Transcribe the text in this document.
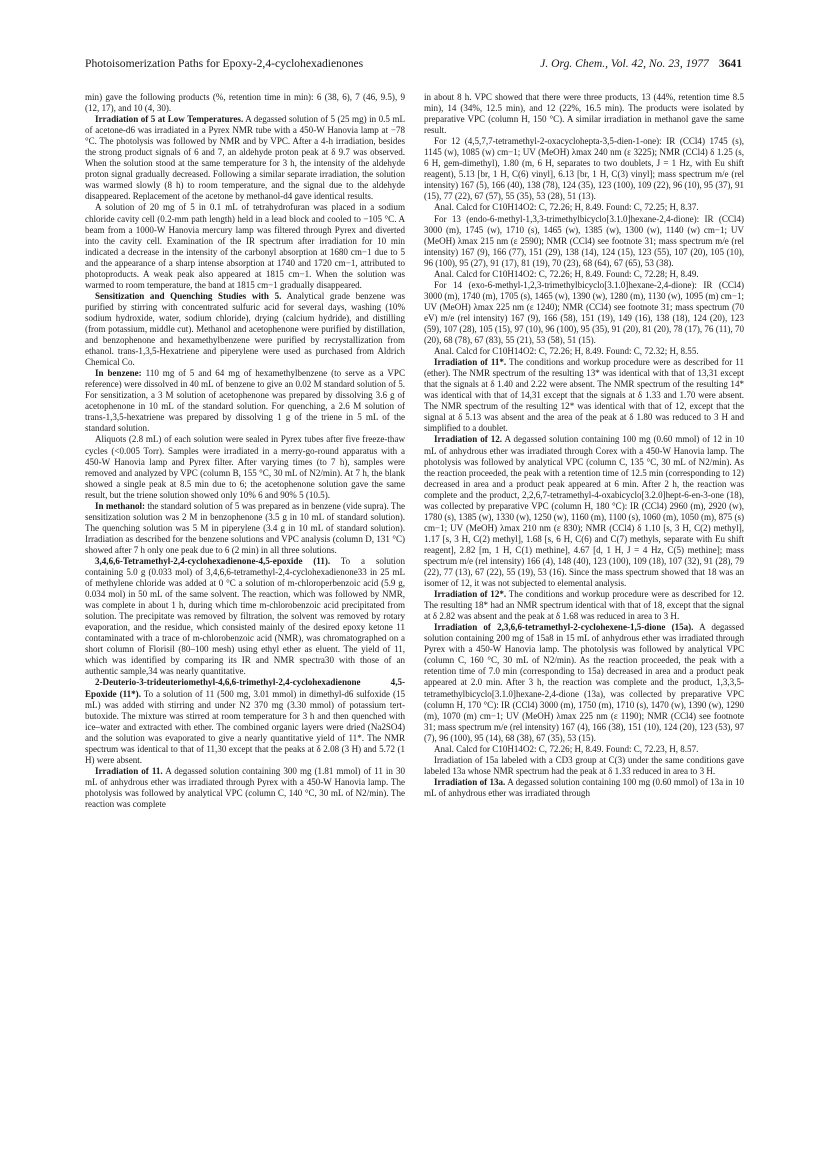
Photoisomerization Paths for Epoxy-2,4-cyclohexadienones	J. Org. Chem., Vol. 42, No. 23, 1977 3641

min) gave the following products (%, retention time in min): 6 (38, 6), 7 (46, 9.5), 9 (12, 17), and 10 (4, 30).

Irradiation of 5 at Low Temperatures. A degassed solution of 5 (25 mg) in 0.5 mL of acetone-d6 was irradiated in a Pyrex NMR tube with a 450-W Hanovia lamp at −78 °C. The photolysis was followed by NMR and by VPC. After a 4-h irradiation, besides the strong product signals of 6 and 7, an aldehyde proton peak at δ 9.7 was observed. When the solution stood at the same temperature for 3 h, the intensity of the aldehyde proton signal gradually decreased. Following a similar separate irradiation, the solution was warmed slowly (8 h) to room temperature, and the signal due to the aldehyde disappeared. Replacement of the acetone by methanol-d4 gave identical results.

A solution of 20 mg of 5 in 0.1 mL of tetrahydrofuran was placed in a sodium chloride cavity cell (0.2-mm path length) held in a lead block and cooled to −105 °C. A beam from a 1000-W Hanovia mercury lamp was filtered through Pyrex and diverted into the cavity cell. Examination of the IR spectrum after irradiation for 10 min indicated a decrease in the intensity of the carbonyl absorption at 1680 cm−1 due to 5 and the appearance of a sharp intense absorption at 1740 and 1720 cm−1, attributed to photoproducts. A weak peak also appeared at 1815 cm−1. When the solution was warmed to room temperature, the band at 1815 cm−1 gradually disappeared.

Sensitization and Quenching Studies with 5. Analytical grade benzene was purified by stirring with concentrated sulfuric acid for several days, washing (10% sodium hydroxide, water, sodium chloride), drying (calcium hydride), and distilling (from potassium, middle cut). Methanol and acetophenone were purified by distillation, and benzophenone and hexamethylbenzene were purified by recrystallization from ethanol. trans-1,3,5-Hexatriene and piperylene were used as purchased from Aldrich Chemical Co.

In benzene: 110 mg of 5 and 64 mg of hexamethylbenzene (to serve as a VPC reference) were dissolved in 40 mL of benzene to give an 0.02 M standard solution of 5. For sensitization, a 3 M solution of acetophenone was prepared by dissolving 3.6 g of acetophenone in 10 mL of the standard solution. For quenching, a 2.6 M solution of trans-1,3,5-hexatriene was prepared by dissolving 1 g of the triene in 5 mL of the standard solution.

Aliquots (2.8 mL) of each solution were sealed in Pyrex tubes after five freeze-thaw cycles (<0.005 Torr). Samples were irradiated in a merry-go-round apparatus with a 450-W Hanovia lamp and Pyrex filter. After varying times (to 7 h), samples were removed and analyzed by VPC (column B, 155 °C, 30 mL of N2/min). At 7 h, the blank showed a single peak at 8.5 min due to 6; the acetophenone solution gave the same result, but the triene solution showed only 10% 6 and 90% 5 (10.5).

In methanol: the standard solution of 5 was prepared as in benzene (vide supra). The sensitization solution was 2 M in benzophenone (3.5 g in 10 mL of standard solution). The quenching solution was 5 M in piperylene (3.4 g in 10 mL of standard solution). Irradiation as described for the benzene solutions and VPC analysis (column D, 131 °C) showed after 7 h only one peak due to 6 (2 min) in all three solutions.

3,4,6,6-Tetramethyl-2,4-cyclohexadienone-4,5-epoxide (11). To a solution containing 5.0 g (0.033 mol) of 3,4,6,6-tetramethyl-2,4-cyclohexadienone33 in 25 mL of methylene chloride was added at 0 °C a solution of m-chloroperbenzoic acid (5.9 g, 0.034 mol) in 50 mL of the same solvent. The reaction, which was followed by NMR, was complete in about 1 h, during which time m-chlorobenzoic acid precipitated from solution. The precipitate was removed by filtration, the solvent was removed by rotary evaporation, and the residue, which consisted mainly of the desired epoxy ketone 11 contaminated with a trace of m-chlorobenzoic acid (NMR), was chromatographed on a short column of Florisil (80–100 mesh) using ethyl ether as eluent. The yield of 11, which was identified by comparing its IR and NMR spectra30 with those of an authentic sample,34 was nearly quantitative.

2-Deuterio-3-trideuteriomethyl-4,6,6-trimethyl-2,4-cyclohexadienone 4,5-Epoxide (11*). To a solution of 11 (500 mg, 3.01 mmol) in dimethyl-d6 sulfoxide (15 mL) was added with stirring and under N2 370 mg (3.30 mmol) of potassium tert-butoxide. The mixture was stirred at room temperature for 3 h and then quenched with ice–water and extracted with ether. The combined organic layers were dried (Na2SO4) and the solution was evaporated to give a nearly quantitative yield of 11*. The NMR spectrum was identical to that of 11,30 except that the peaks at δ 2.08 (3 H) and 5.72 (1 H) were absent.

Irradiation of 11. A degassed solution containing 300 mg (1.81 mmol) of 11 in 30 mL of anhydrous ether was irradiated through Pyrex with a 450-W Hanovia lamp. The photolysis was followed by analytical VPC (column C, 140 °C, 30 mL of N2/min). The reaction was complete

in about 8 h. VPC showed that there were three products, 13 (44%, retention time 8.5 min), 14 (34%, 12.5 min), and 12 (22%, 16.5 min). The products were isolated by preparative VPC (column H, 150 °C). A similar irradiation in methanol gave the same result.

For 12 (4,5,7,7-tetramethyl-2-oxacyclohepta-3,5-dien-1-one): IR (CCl4) 1745 (s), 1145 (w), 1085 (w) cm−1; UV (MeOH) λmax 240 nm (ε 3225); NMR (CCl4) δ 1.25 (s, 6 H, gem-dimethyl), 1.80 (m, 6 H, separates to two doublets, J = 1 Hz, with Eu shift reagent), 5.13 [br, 1 H, C(6) vinyl], 6.13 [br, 1 H, C(3) vinyl]; mass spectrum m/e (rel intensity) 167 (5), 166 (40), 138 (78), 124 (35), 123 (100), 109 (22), 96 (10), 95 (37), 91 (15), 77 (22), 67 (57), 55 (35), 53 (28), 51 (13).

Anal. Calcd for C10H14O2: C, 72.26; H, 8.49. Found: C, 72.25; H, 8.37.

For 13 (endo-6-methyl-1,3,3-trimethylbicyclo[3.1.0]hexane-2,4-dione): IR (CCl4) 3000 (m), 1745 (w), 1710 (s), 1465 (w), 1385 (w), 1300 (w), 1140 (w) cm−1; UV (MeOH) λmax 215 nm (ε 2590); NMR (CCl4) see footnote 31; mass spectrum m/e (rel intensity) 167 (9), 166 (77), 151 (29), 138 (14), 124 (15), 123 (55), 107 (20), 105 (10), 96 (100), 95 (27), 91 (17), 81 (19), 70 (23), 68 (64), 67 (65), 53 (38).

Anal. Calcd for C10H14O2: C, 72.26; H, 8.49. Found: C, 72.28; H, 8.49.

For 14 (exo-6-methyl-1,2,3-trimethylbicyclo[3.1.0]hexane-2,4-dione): IR (CCl4) 3000 (m), 1740 (m), 1705 (s), 1465 (w), 1390 (w), 1280 (m), 1130 (w), 1095 (m) cm−1; UV (MeOH) λmax 225 nm (ε 1240); NMR (CCl4) see footnote 31; mass spectrum (70 eV) m/e (rel intensity) 167 (9), 166 (58), 151 (19), 149 (16), 138 (18), 124 (20), 123 (59), 107 (28), 105 (15), 97 (10), 96 (100), 95 (35), 91 (20), 81 (20), 78 (17), 76 (11), 70 (20), 68 (78), 67 (83), 55 (21), 53 (58), 51 (15).

Anal. Calcd for C10H14O2: C, 72.26; H, 8.49. Found: C, 72.32; H, 8.55.

Irradiation of 11*. The conditions and workup procedure were as described for 11 (ether). The NMR spectrum of the resulting 13* was identical with that of 13,31 except that the signals at δ 1.40 and 2.22 were absent. The NMR spectrum of the resulting 14* was identical with that of 14,31 except that the signals at δ 1.33 and 1.70 were absent. The NMR spectrum of the resulting 12* was identical with that of 12, except that the signal at δ 5.13 was absent and the area of the peak at δ 1.80 was reduced to 3 H and simplified to a doublet.

Irradiation of 12. A degassed solution containing 100 mg (0.60 mmol) of 12 in 10 mL of anhydrous ether was irradiated through Corex with a 450-W Hanovia lamp. The photolysis was followed by analytical VPC (column C, 135 °C, 30 mL of N2/min). As the reaction proceeded, the peak with a retention time of 12.5 min (corresponding to 12) decreased in area and a product peak appeared at 6 min. After 2 h, the reaction was complete and the product, 2,2,6,7-tetramethyl-4-oxabicyclo[3.2.0]hept-6-en-3-one (18), was collected by preparative VPC (column H, 180 °C): IR (CCl4) 2960 (m), 2920 (w), 1780 (s), 1385 (w), 1330 (w), 1250 (w), 1160 (m), 1100 (s), 1060 (m), 1050 (m), 875 (s) cm−1; UV (MeOH) λmax 210 nm (ε 830); NMR (CCl4) δ 1.10 [s, 3 H, C(2) methyl], 1.17 [s, 3 H, C(2) methyl], 1.68 [s, 6 H, C(6) and C(7) methyls, separate with Eu shift reagent], 2.82 [m, 1 H, C(1) methine], 4.67 [d, 1 H, J = 4 Hz, C(5) methine]; mass spectrum m/e (rel intensity) 166 (4), 148 (40), 123 (100), 109 (18), 107 (32), 91 (28), 79 (22), 77 (13), 67 (22), 55 (19), 53 (16). Since the mass spectrum showed that 18 was an isomer of 12, it was not subjected to elemental analysis.

Irradiation of 12*. The conditions and workup procedure were as described for 12. The resulting 18* had an NMR spectrum identical with that of 18, except that the signal at δ 2.82 was absent and the peak at δ 1.68 was reduced in area to 3 H.

Irradiation of 2,3,6,6-tetramethyl-2-cyclohexene-1,5-dione (15a). A degassed solution containing 200 mg of 15a8 in 15 mL of anhydrous ether was irradiated through Pyrex with a 450-W Hanovia lamp. The photolysis was followed by analytical VPC (column C, 160 °C, 30 mL of N2/min). As the reaction proceeded, the peak with a retention time of 7.0 min (corresponding to 15a) decreased in area and a product peak appeared at 2.0 min. After 3 h, the reaction was complete and the product, 1,3,3,5-tetramethylbicyclo[3.1.0]hexane-2,4-dione (13a), was collected by preparative VPC (column H, 170 °C): IR (CCl4) 3000 (m), 1750 (m), 1710 (s), 1470 (w), 1390 (w), 1290 (m), 1070 (m) cm−1; UV (MeOH) λmax 225 nm (ε 1190); NMR (CCl4) see footnote 31; mass spectrum m/e (rel intensity) 167 (4), 166 (38), 151 (10), 124 (20), 123 (53), 97 (7), 96 (100), 95 (14), 68 (38), 67 (35), 53 (15).

Anal. Calcd for C10H14O2: C, 72.26; H, 8.49. Found: C, 72.23, H, 8.57.

Irradiation of 15a labeled with a CD3 group at C(3) under the same conditions gave labeled 13a whose NMR spectrum had the peak at δ 1.33 reduced in area to 3 H.

Irradiation of 13a. A degassed solution containing 100 mg (0.60 mmol) of 13a in 10 mL of anhydrous ether was irradiated through
